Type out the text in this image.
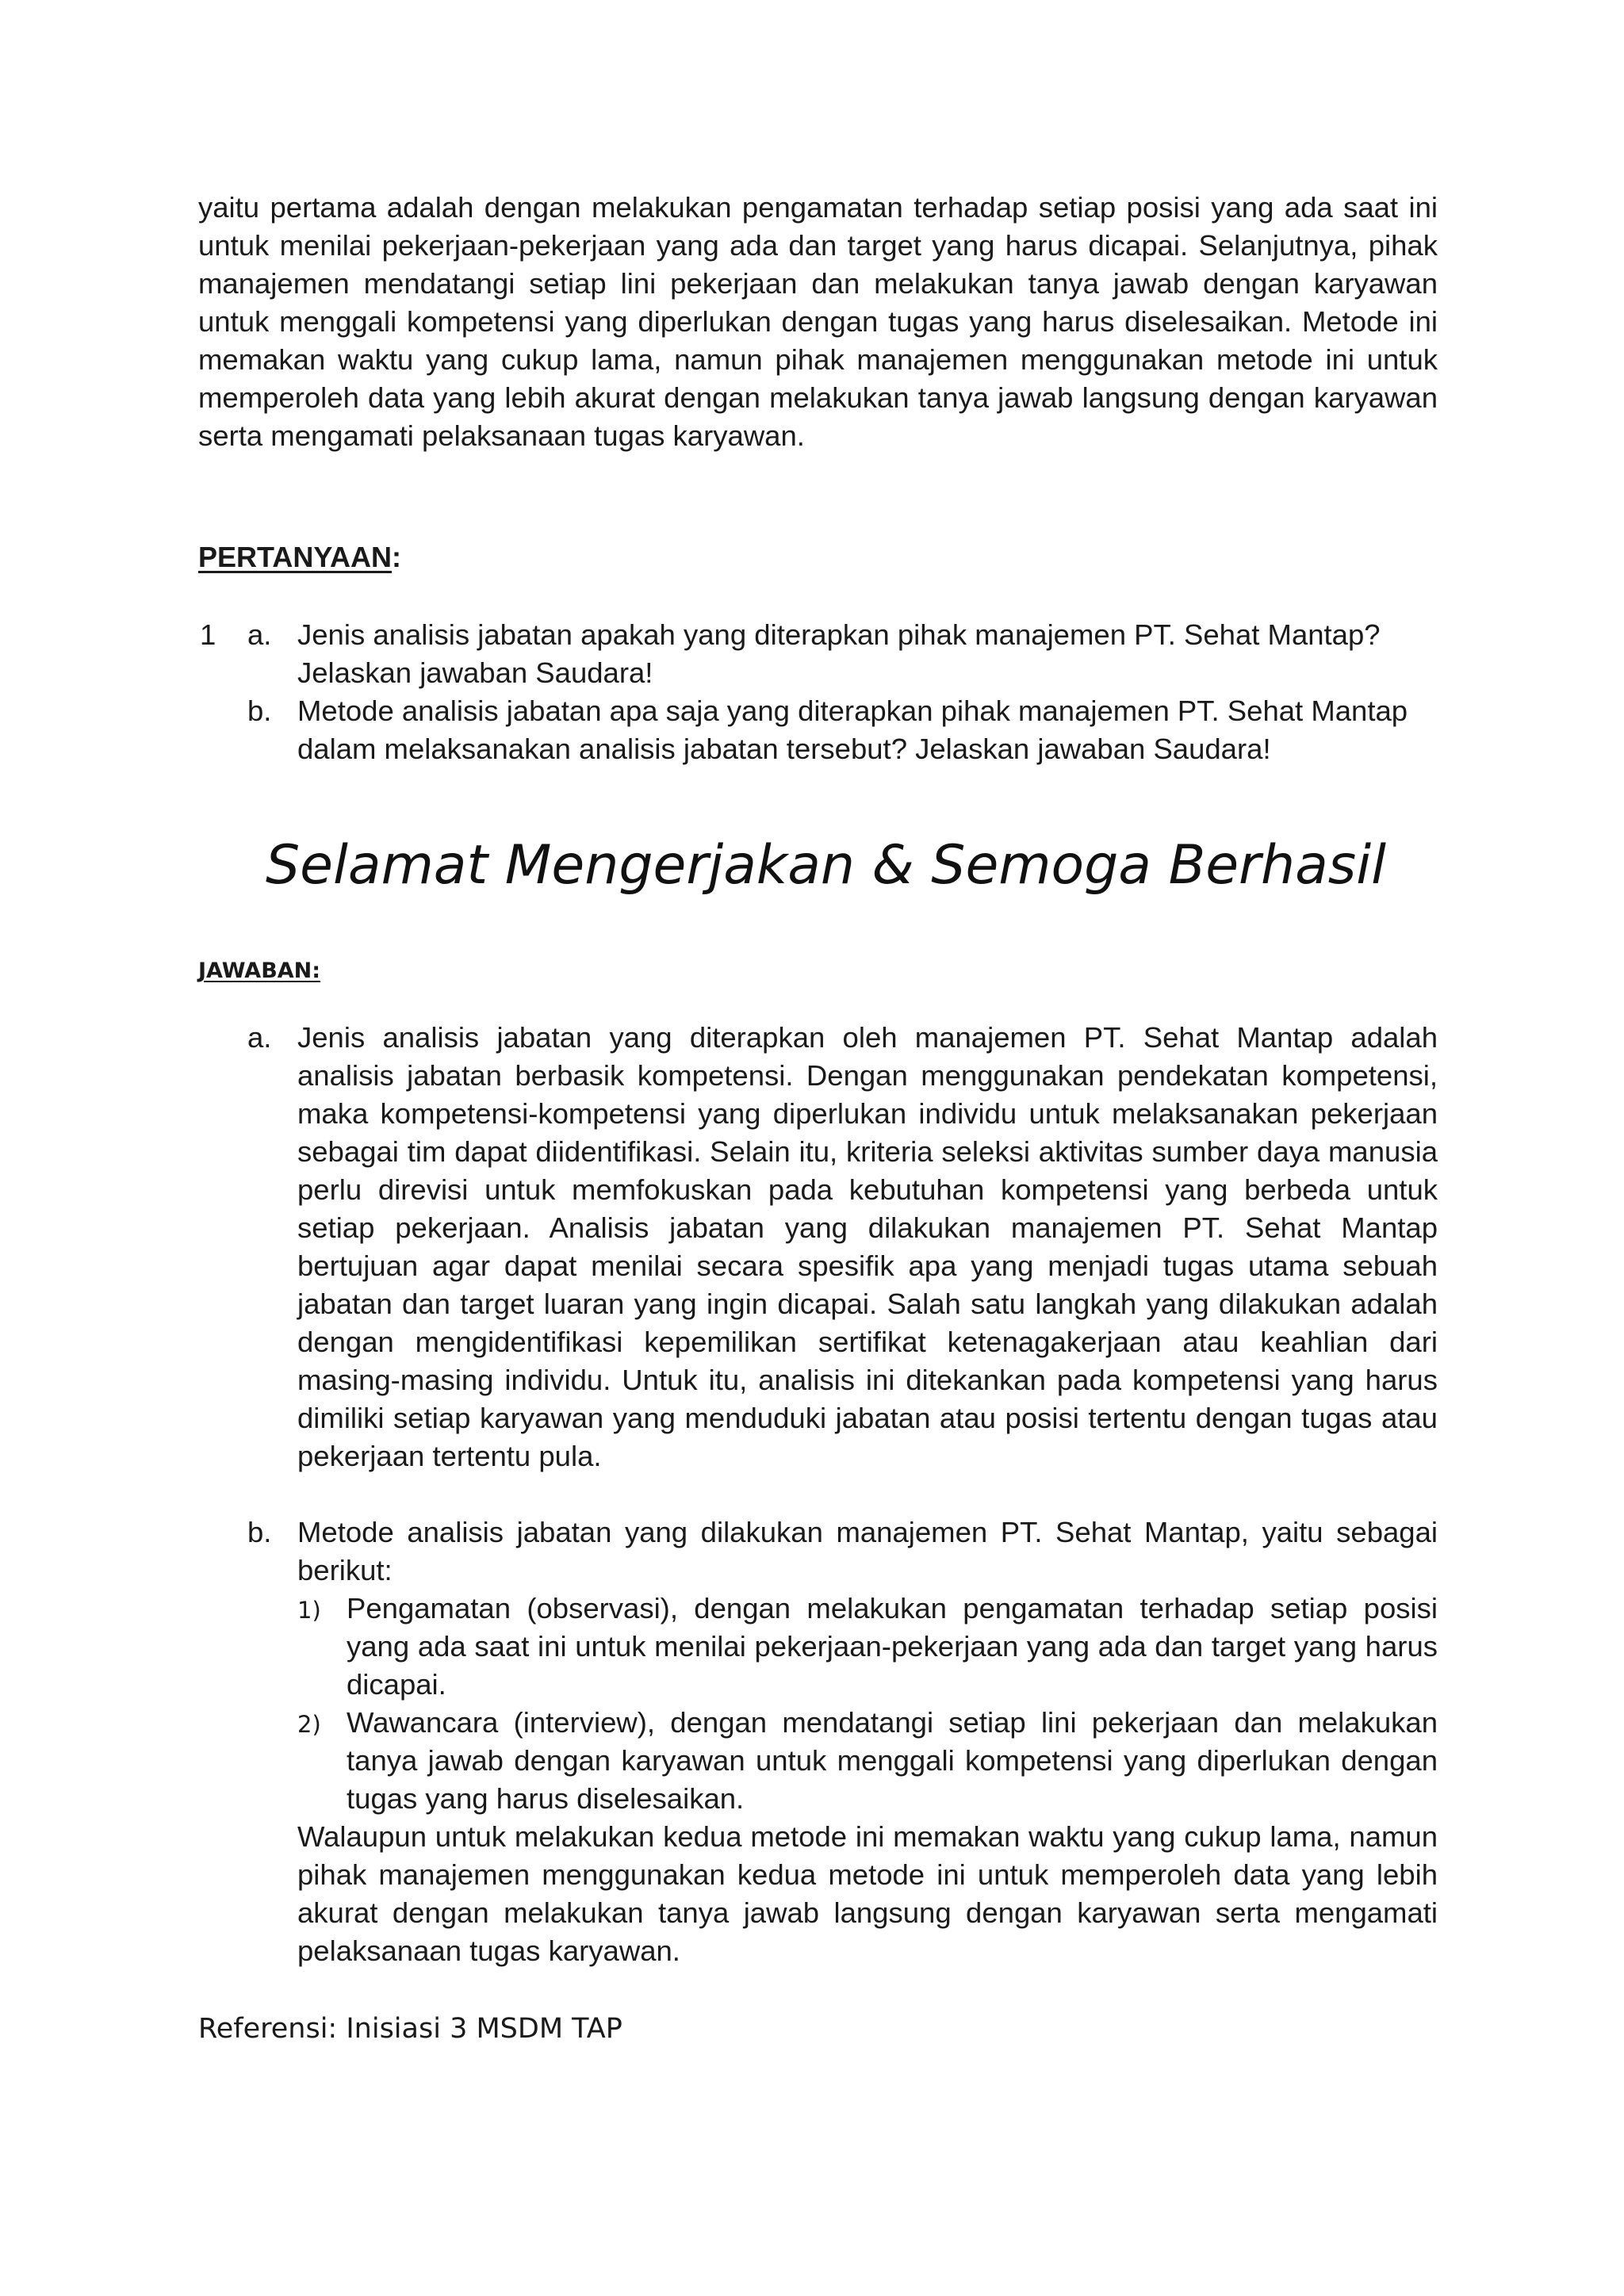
yaitu pertama adalah dengan melakukan pengamatan terhadap setiap posisi yang ada saat ini untuk menilai pekerjaan-pekerjaan yang ada dan target yang harus dicapai. Selanjutnya, pihak manajemen mendatangi setiap lini pekerjaan dan melakukan tanya jawab dengan karyawan untuk menggali kompetensi yang diperlukan dengan tugas yang harus diselesaikan. Metode ini memakan waktu yang cukup lama, namun pihak manajemen menggunakan metode ini untuk memperoleh data yang lebih akurat dengan melakukan tanya jawab langsung dengan karyawan serta mengamati pelaksanaan tugas karyawan.

PERTANYAAN:
1 a. Jenis analisis jabatan apakah yang diterapkan pihak manajemen PT. Sehat Mantap? Jelaskan jawaban Saudara!
b. Metode analisis jabatan apa saja yang diterapkan pihak manajemen PT. Sehat Mantap dalam melaksanakan analisis jabatan tersebut? Jelaskan jawaban Saudara!
Selamat Mengerjakan & Semoga Berhasil
JAWABAN:
a. Jenis analisis jabatan yang diterapkan oleh manajemen PT. Sehat Mantap adalah analisis jabatan berbasik kompetensi. Dengan menggunakan pendekatan kompetensi, maka kompetensi-kompetensi yang diperlukan individu untuk melaksanakan pekerjaan sebagai tim dapat diidentifikasi. Selain itu, kriteria seleksi aktivitas sumber daya manusia perlu direvisi untuk memfokuskan pada kebutuhan kompetensi yang berbeda untuk setiap pekerjaan. Analisis jabatan yang dilakukan manajemen PT. Sehat Mantap bertujuan agar dapat menilai secara spesifik apa yang menjadi tugas utama sebuah jabatan dan target luaran yang ingin dicapai. Salah satu langkah yang dilakukan adalah dengan mengidentifikasi kepemilikan sertifikat ketenagakerjaan atau keahlian dari masing-masing individu. Untuk itu, analisis ini ditekankan pada kompetensi yang harus dimiliki setiap karyawan yang menduduki jabatan atau posisi tertentu dengan tugas atau pekerjaan tertentu pula.

b. Metode analisis jabatan yang dilakukan manajemen PT. Sehat Mantap, yaitu sebagai berikut:

1) Pengamatan (observasi), dengan melakukan pengamatan terhadap setiap posisi yang ada saat ini untuk menilai pekerjaan-pekerjaan yang ada dan target yang harus dicapai.

2) Wawancara (interview), dengan mendatangi setiap lini pekerjaan dan melakukan tanya jawab dengan karyawan untuk menggali kompetensi yang diperlukan dengan tugas yang harus diselesaikan.

Walaupun untuk melakukan kedua metode ini memakan waktu yang cukup lama, namun pihak manajemen menggunakan kedua metode ini untuk memperoleh data yang lebih akurat dengan melakukan tanya jawab langsung dengan karyawan serta mengamati pelaksanaan tugas karyawan.

Referensi: Inisiasi 3 MSDM TAP
